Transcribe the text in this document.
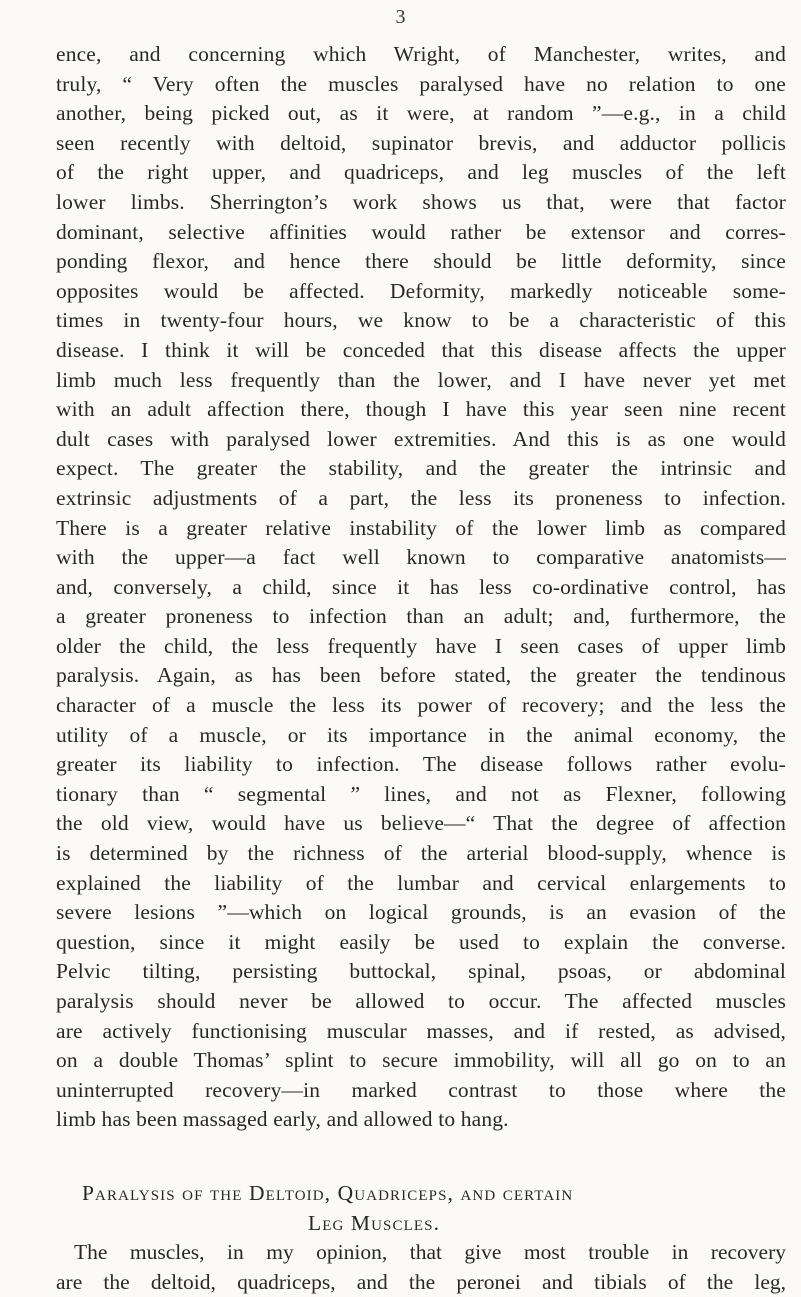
3
ence, and concerning which Wright, of Manchester, writes, and
truly, “ Very often the muscles paralysed have no relation to one
another, being picked out, as it were, at random ”—e.g., in a child
seen recently with deltoid, supinator brevis, and adductor pollicis
of the right upper, and quadriceps, and leg muscles of the left
lower limbs. Sherrington’s work shows us that, were that factor
dominant, selective affinities would rather be extensor and corres-
ponding flexor, and hence there should be little deformity, since
opposites would be affected. Deformity, markedly noticeable some-
times in twenty-four hours, we know to be a characteristic of this
disease. I think it will be conceded that this disease affects the upper
limb much less frequently than the lower, and I have never yet met
with an adult affection there, though I have this year seen nine recent
dult cases with paralysed lower extremities. And this is as one would
expect. The greater the stability, and the greater the intrinsic and
extrinsic adjustments of a part, the less its proneness to infection.
There is a greater relative instability of the lower limb as compared
with the upper—a fact well known to comparative anatomists—
and, conversely, a child, since it has less co-ordinative control, has
a greater proneness to infection than an adult; and, furthermore, the
older the child, the less frequently have I seen cases of upper limb
paralysis. Again, as has been before stated, the greater the tendinous
character of a muscle the less its power of recovery; and the less the
utility of a muscle, or its importance in the animal economy, the
greater its liability to infection. The disease follows rather evolu-
tionary than “ segmental ” lines, and not as Flexner, following
the old view, would have us believe—“ That the degree of affection
is determined by the richness of the arterial blood-supply, whence is
explained the liability of the lumbar and cervical enlargements to
severe lesions ”—which on logical grounds, is an evasion of the
question, since it might easily be used to explain the converse.
Pelvic tilting, persisting buttockal, spinal, psoas, or abdominal
paralysis should never be allowed to occur. The affected muscles
are actively functionising muscular masses, and if rested, as advised,
on a double Thomas’ splint to secure immobility, will all go on to an
uninterrupted recovery—in marked contrast to those where the
limb has been massaged early, and allowed to hang.
Paralysis of the Deltoid, Quadriceps, and certain
Leg Muscles.
The muscles, in my opinion, that give most trouble in recovery
are the deltoid, quadriceps, and the peronei and tibials of the leg,
